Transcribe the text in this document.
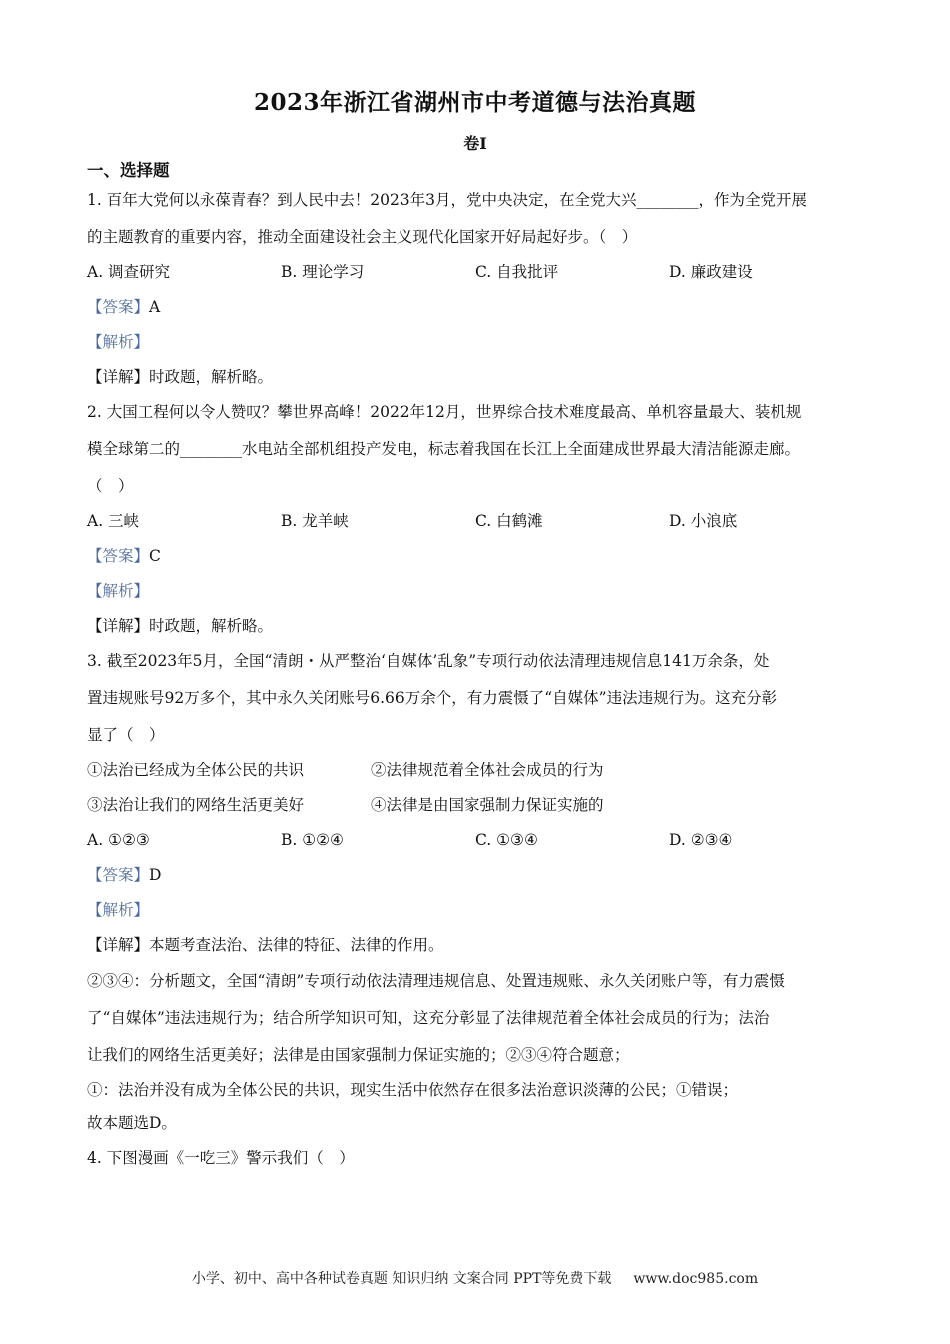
2023年浙江省湖州市中考道德与法治真题
卷I
一、选择题
1. 百年大党何以永葆青春？到人民中去！2023年3月，党中央决定，在全党大兴________，作为全党开展
的主题教育的重要内容，推动全面建设社会主义现代化国家开好局起好步。（　）
A. 调查研究	B. 理论学习	C. 自我批评	D. 廉政建设
【答案】A
【解析】
【详解】时政题，解析略。
2. 大国工程何以令人赞叹？攀世界高峰！2022年12月，世界综合技术难度最高、单机容量最大、装机规
模全球第二的________水电站全部机组投产发电，标志着我国在长江上全面建成世界最大清洁能源走廊。
（　）
A. 三峡	B. 龙羊峡	C. 白鹤滩	D. 小浪底
【答案】C
【解析】
【详解】时政题，解析略。
3. 截至2023年5月，全国“清朗・从严整治‘自媒体’乱象”专项行动依法清理违规信息141万余条，处
置违规账号92万多个，其中永久关闭账号6.66万余个，有力震慑了“自媒体”违法违规行为。这充分彰
显了（　）
①法治已经成为全体公民的共识	②法律规范着全体社会成员的行为
③法治让我们的网络生活更美好	④法律是由国家强制力保证实施的
A. ①②③	B. ①②④	C. ①③④	D. ②③④
【答案】D
【解析】
【详解】本题考查法治、法律的特征、法律的作用。
②③④：分析题文，全国“清朗”专项行动依法清理违规信息、处置违规账、永久关闭账户等，有力震慑
了“自媒体”违法违规行为；结合所学知识可知，这充分彰显了法律规范着全体社会成员的行为；法治
让我们的网络生活更美好；法律是由国家强制力保证实施的；②③④符合题意；
①：法治并没有成为全体公民的共识，现实生活中依然存在很多法治意识淡薄的公民；①错误；
故本题选D。
4. 下图漫画《一吃三》警示我们（　）
小学、初中、高中各种试卷真题 知识归纳 文案合同 PPT等免费下载 www.doc985.com
